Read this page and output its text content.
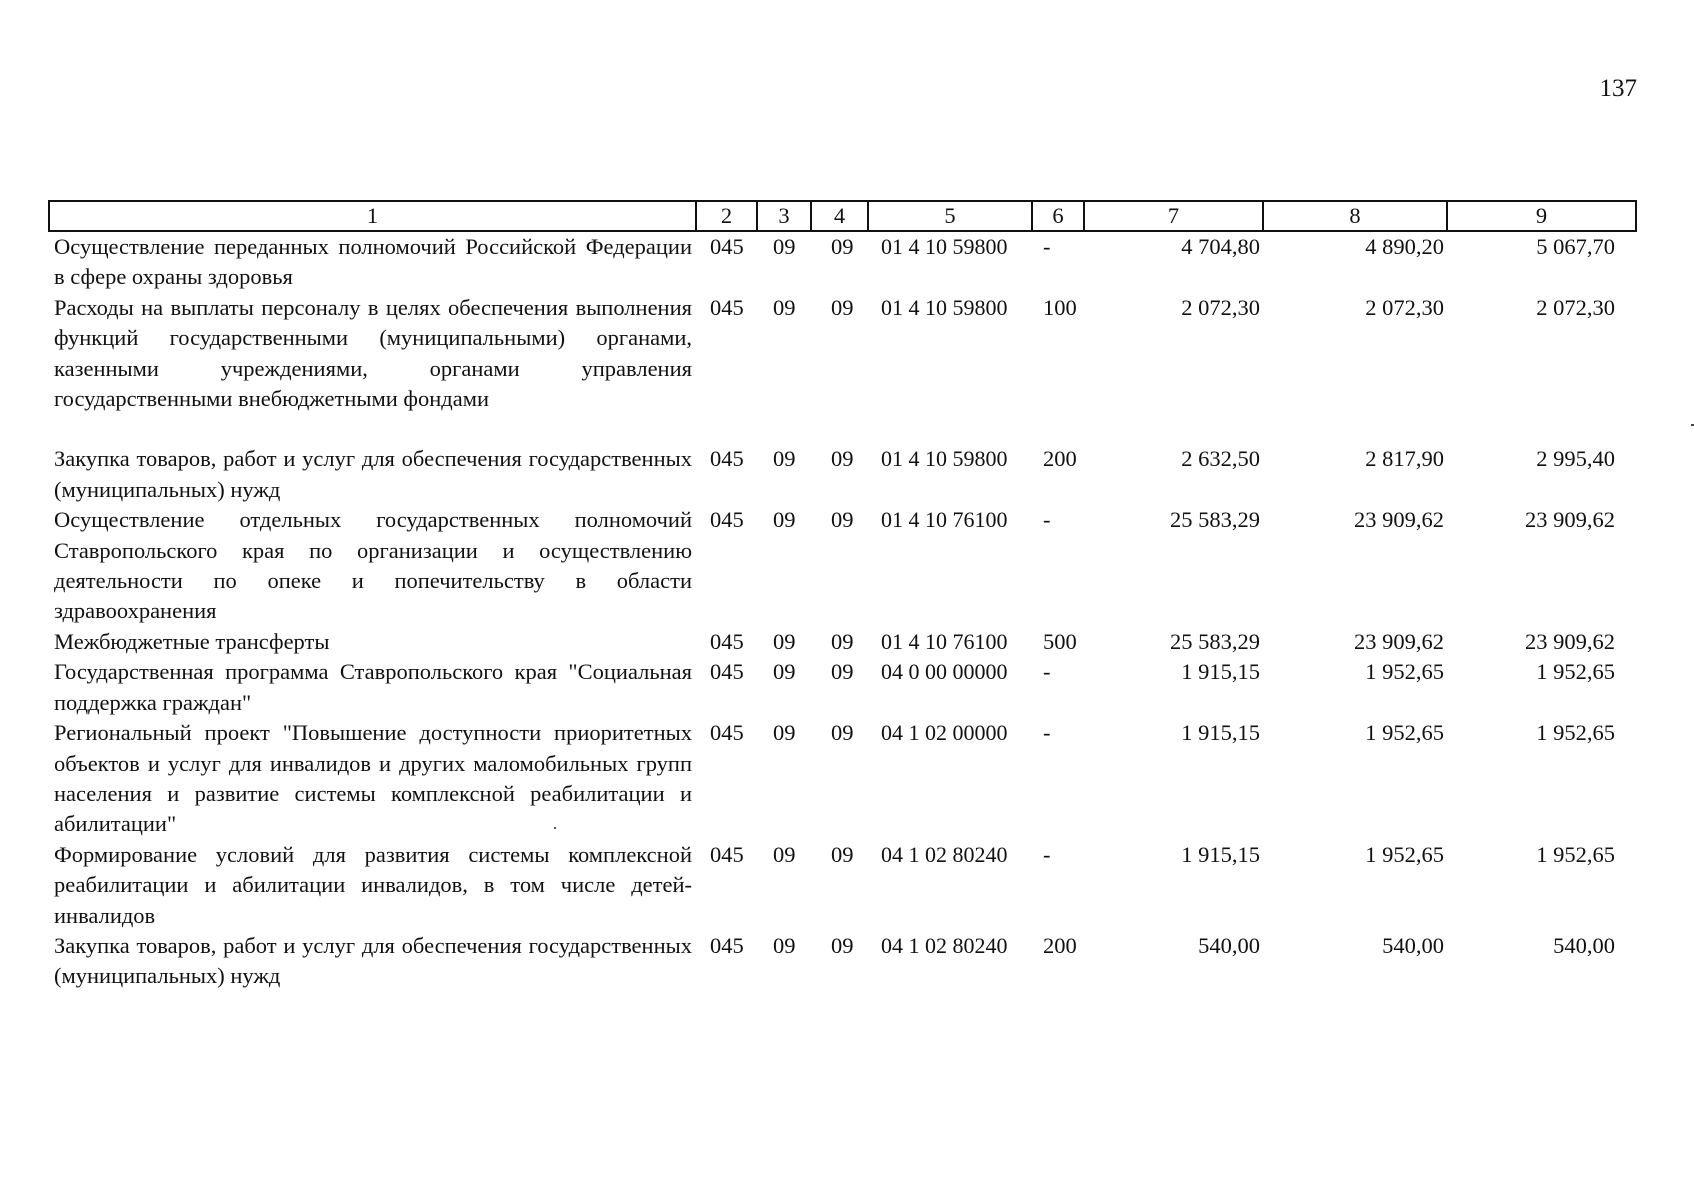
137
1	2	3	4	5	6	7	8	9
Осуществление переданных полномочий Российской Федерации в сфере охраны здоровья	045	09	09	01 4 10 59800	-	4 704,80	4 890,20	5 067,70
Расходы на выплаты персоналу в целях обеспечения выполнения функций государственными (муниципальными) органами, казенными учреждениями, органами управления государственными внебюджетными фондами	045	09	09	01 4 10 59800	100	2 072,30	2 072,30	2 072,30
Закупка товаров, работ и услуг для обеспечения государственных (муниципальных) нужд	045	09	09	01 4 10 59800	200	2 632,50	2 817,90	2 995,40
Осуществление отдельных государственных полномочий Ставропольского края по организации и осуществлению деятельности по опеке и попечительству в области здравоохранения	045	09	09	01 4 10 76100	-	25 583,29	23 909,62	23 909,62
Межбюджетные трансферты	045	09	09	01 4 10 76100	500	25 583,29	23 909,62	23 909,62
Государственная программа Ставропольского края "Социальная поддержка граждан"	045	09	09	04 0 00 00000	-	1 915,15	1 952,65	1 952,65
Региональный проект "Повышение доступности приоритетных объектов и услуг для инвалидов и других маломобильных групп населения и развитие системы комплексной реабилитации и абилитации"	045	09	09	04 1 02 00000	-	1 915,15	1 952,65	1 952,65
Формирование условий для развития системы комплексной реабилитации и абилитации инвалидов, в том числе детей-инвалидов	045	09	09	04 1 02 80240	-	1 915,15	1 952,65	1 952,65
Закупка товаров, работ и услуг для обеспечения государственных (муниципальных) нужд	045	09	09	04 1 02 80240	200	540,00	540,00	540,00
